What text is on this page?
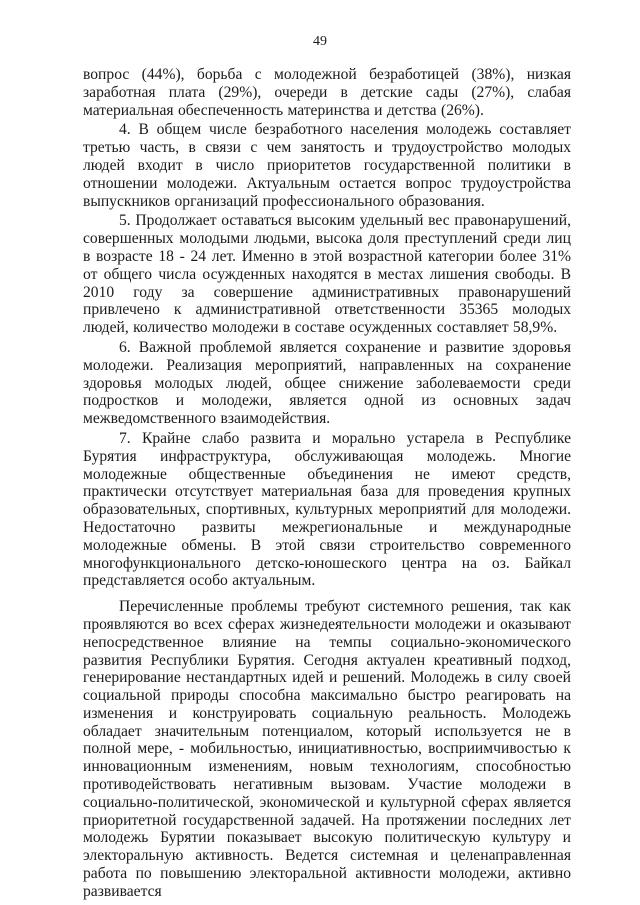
49

вопрос (44%), борьба с молодежной безработицей (38%), низкая заработная плата (29%), очереди в детские сады (27%), слабая материальная обеспеченность материнства и детства (26%).

4. В общем числе безработного населения молодежь составляет третью часть, в связи с чем занятость и трудоустройство молодых людей входит в число приоритетов государственной политики в отношении молодежи. Актуальным остается вопрос трудоустройства выпускников организаций профессионального образования.

5. Продолжает оставаться высоким удельный вес правонарушений, совершенных молодыми людьми, высока доля преступлений среди лиц в возрасте 18 - 24 лет. Именно в этой возрастной категории более 31% от общего числа осужденных находятся в местах лишения свободы. В 2010 году за совершение административных правонарушений привлечено к административной ответственности 35365 молодых людей, количество молодежи в составе осужденных составляет 58,9%.

6. Важной проблемой является сохранение и развитие здоровья молодежи. Реализация мероприятий, направленных на сохранение здоровья молодых людей, общее снижение заболеваемости среди подростков и молодежи, является одной из основных задач межведомственного взаимодействия.

7. Крайне слабо развита и морально устарела в Республике Бурятия инфраструктура, обслуживающая молодежь. Многие молодежные общественные объединения не имеют средств, практически отсутствует материальная база для проведения крупных образовательных, спортивных, культурных мероприятий для молодежи. Недостаточно развиты межрегиональные и международные молодежные обмены. В этой связи строительство современного многофункционального детско-юношеского центра на оз. Байкал представляется особо актуальным.

Перечисленные проблемы требуют системного решения, так как проявляются во всех сферах жизнедеятельности молодежи и оказывают непосредственное влияние на темпы социально-экономического развития Республики Бурятия. Сегодня актуален креативный подход, генерирование нестандартных идей и решений. Молодежь в силу своей социальной природы способна максимально быстро реагировать на изменения и конструировать социальную реальность. Молодежь обладает значительным потенциалом, который используется не в полной мере, - мобильностью, инициативностью, восприимчивостью к инновационным изменениям, новым технологиям, способностью противодействовать негативным вызовам. Участие молодежи в социально-политической, экономической и культурной сферах является приоритетной государственной задачей. На протяжении последних лет молодежь Бурятии показывает высокую политическую культуру и электоральную активность. Ведется системная и целенаправленная работа по повышению электоральной активности молодежи, активно развивается
